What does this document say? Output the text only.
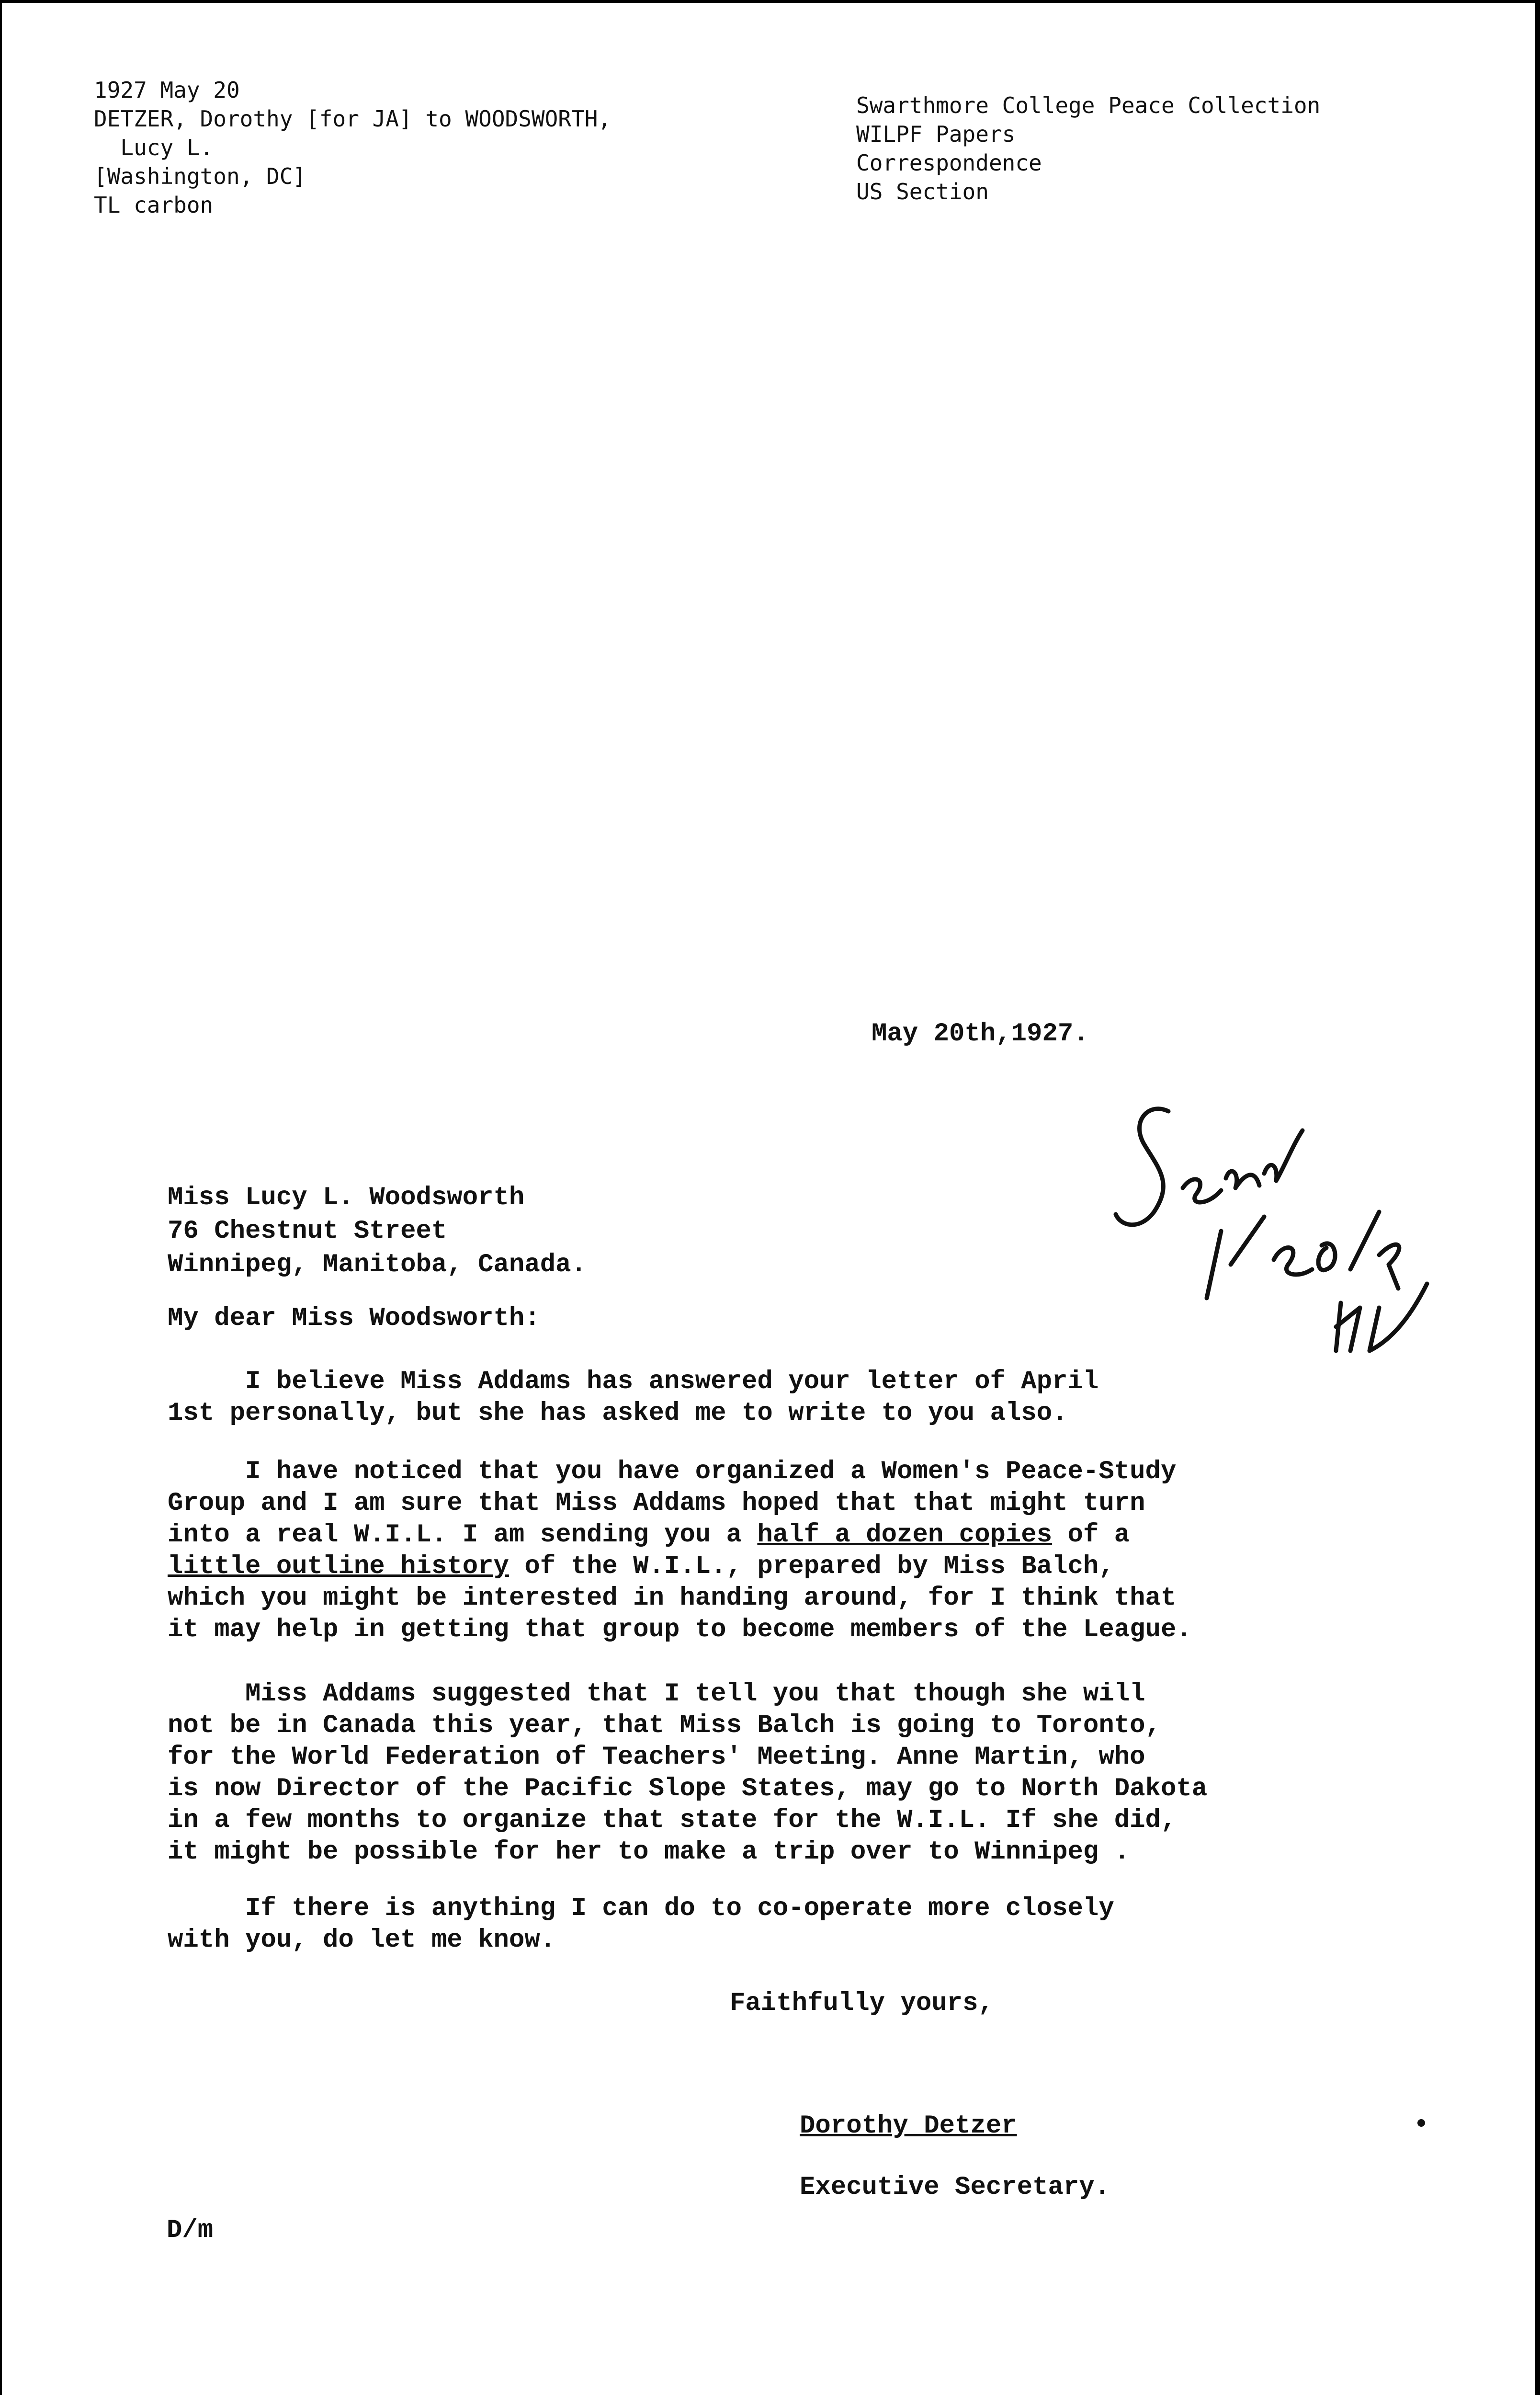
1927 May 20
DETZER, Dorothy [for JA] to WOODSWORTH,
Lucy L.
[Washington, DC]
TL carbon
Swarthmore College Peace Collection
WILPF Papers
Correspondence
US Section
May 20th,1927.
Miss Lucy L. Woodsworth
76 Chestnut Street
Winnipeg, Manitoba, Canada.
My dear Miss Woodsworth:
I believe Miss Addams has answered your letter of April
1st personally, but she has asked me to write to you also.
I have noticed that you have organized a Women's Peace-Study
Group and I am sure that Miss Addams hoped that that might turn
into a real W.I.L. I am sending you a half a dozen copies of a
little outline history of the W.I.L., prepared by Miss Balch,
which you might be interested in handing around, for I think that
it may help in getting that group to become members of the League.
Miss Addams suggested that I tell you that though she will
not be in Canada this year, that Miss Balch is going to Toronto,
for the World Federation of Teachers' Meeting. Anne Martin, who
is now Director of the Pacific Slope States, may go to North Dakota
in a few months to organize that state for the W.I.L. If she did,
it might be possible for her to make a trip over to Winnipeg .
If there is anything I can do to co-operate more closely
with you, do let me know.
Faithfully yours,
Dorothy Detzer
Executive Secretary.
D/m
